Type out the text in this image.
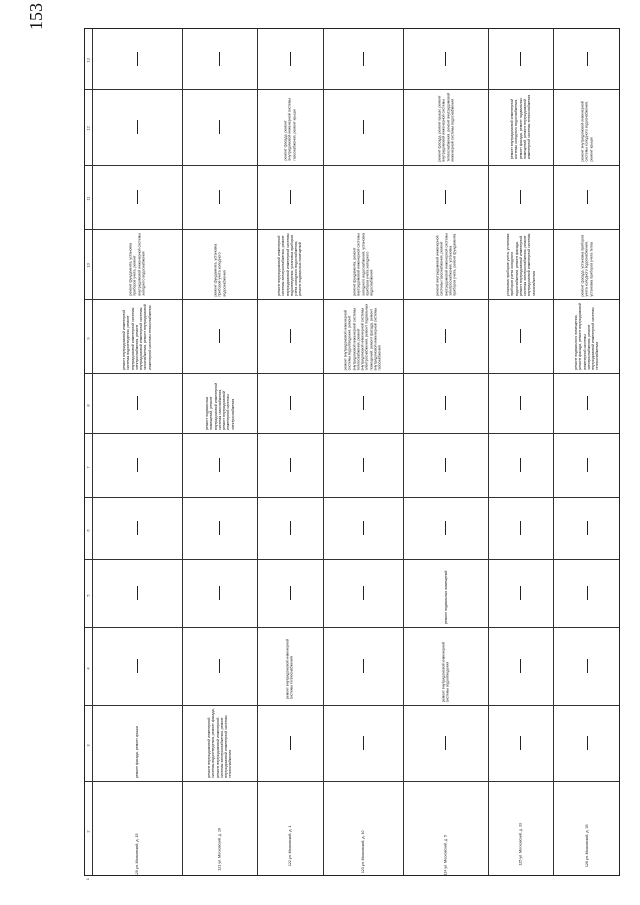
153
1
2
3
4
5
6
7
8
9
10
11
12
13
120 ул. Московский, д. 15
ремонт фасада, ремонт крыши
ремонт внутридомовой инженерной системы водоотведения, ремонт внутридомовой инженерной системы электроснабжения, ремонт внутридомовой инженерной системы газоснабжения, ремонт внутридомовой инженерной системы теплоснабжения
ремонт фундамента, установка приборов учета, ремонт внутридомовой инженерной системы холодного водоснабжения
121 ул. Московский, д. 16
ремонт внутридомовой инженерной системы водоотведения, ремонт фасада, ремонт внутридомовой инженерной системы электроснабжения, ремонт внутридомовой инженерной системы теплоснабжения
ремонт подвальных помещений, ремонт внутридомовой инженерной системы газоснабжения, ремонт внутридомовой инженерной системы электроснабжения
ремонт фундамента, установка приборов учета холодного водоснабжения
122 ул. Московский, д. 1
ремонт внутридомовой инженерной системы теплоснабжения
ремонт внутридомовой инженерной системы электроснабжения, ремонт внутридомовой инженерной системы водоотведения, установка приборов учета холодного водоснабжения, ремонт подвальных помещений
ремонт фасада, ремонт внутридомовой инженерной системы газоснабжения, ремонт крыши
123 ул. Московский, д. 40
ремонт внутридомовой инженерной системы водоотведения, ремонт внутридомовой инженерной системы теплоснабжения, ремонт внутридомовой инженерной системы электроснабжения, ремонт подвальных помещений, ремонт фасада, ремонт внутридомовой инженерной системы газоснабжения
ремонт фундамента, ремонт внутридомовой инженерной системы холодного водоснабжения, установка приборов учета холодного водоснабжения
124 ул. Московский, д. 5
ремонт внутридомовой инженерной системы водоотведения
ремонт подвальных помещений
ремонт внутридомовой инженерной системы газоснабжения, ремонт внутридомовой инженерной системы электроснабжения, установка приборов учета, ремонт фундамента
ремонт фасада, ремонт крыши, ремонт внутридомовой инженерной системы теплоснабжения, ремонт внутридомовой инженерной системы водоснабжения
125 ул. Московский, д. 33
установка приборов учета, установка приборов учета холодного водоснабжения, ремонт фасада, ремонт внутридомовой инженерной системы электроснабжения, ремонт внутридомовой инженерной системы газоснабжения
ремонт внутридомовой инженерной системы холодного водоснабжения, ремонт фасада, ремонт подвальных помещений, ремонт внутридомовой инженерной системы теплоснабжения
126 ул. Московский, д. 35
ремонт подвального помещения, ремонт фасада, ремонт внутридомовой инженерной системы электроснабжения, ремонт внутридомовой инженерной системы теплоснабжения
ремонт фасада, установка приборов учета холодного водоснабжения, установка приборов учета тепла
ремонт внутридомовой инженерной системы холодного водоснабжения, ремонт крыши
